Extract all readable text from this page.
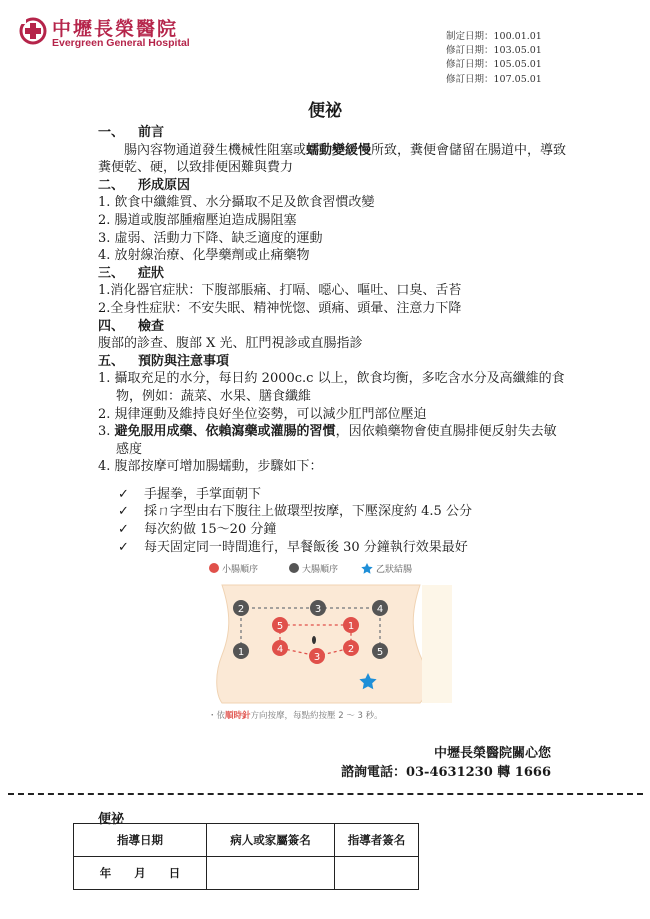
中壢長榮醫院
Evergreen General Hospital
制定日期：100.01.01
修訂日期：103.05.01
修訂日期：105.05.01
修訂日期：107.05.01
便祕

一、 前言

腸內容物通道發生機械性阻塞或蠕動變緩慢所致，糞便會儲留在腸道中，導致糞便乾、硬，以致排便困難與費力

二、 形成原因

1. 飲食中纖維質、水分攝取不足及飲食習慣改變

2. 腸道或腹部腫瘤壓迫造成腸阻塞

3. 虛弱、活動力下降、缺乏適度的運動

4. 放射線治療、化學藥劑或止痛藥物

三、 症狀

1.消化器官症狀：下腹部脹痛、打嗝、噁心、嘔吐、口臭、舌苔

2.全身性症狀：不安失眠、精神恍惚、頭痛、頭暈、注意力下降

四、 檢查

腹部的診查、腹部 X 光、肛門視診或直腸指診

五、 預防與注意事項

1. 攝取充足的水分，每日約 2000c.c 以上，飲食均衡，多吃含水分及高纖維的食物，例如：蔬菜、水果、膳食纖維

2. 規律運動及維持良好坐位姿勢，可以減少肛門部位壓迫

3. 避免服用成藥、依賴瀉藥或灌腸的習慣，因依賴藥物會使直腸排便反射失去敏感度

4. 腹部按摩可增加腸蠕動，步驟如下：

✓ 手握拳，手掌面朝下

✓ 採ㄇ字型由右下腹往上做環型按摩，下壓深度約 4.5 公分

✓ 每次約做 15～20 分鐘

✓ 每天固定同一時間進行，早餐飯後 30 分鐘執行效果最好

小腸順序	大腸順序	乙狀結腸
2	3	4
1	5
5
4
1
2
3
・依順時針方向按摩，每點約按壓 2 ～ 3 秒。
中壢長榮醫院關心您
諮詢電話：03-4631230 轉 1666
便祕
指導日期	病人或家屬簽名	指導者簽名
年　　月　　日		
